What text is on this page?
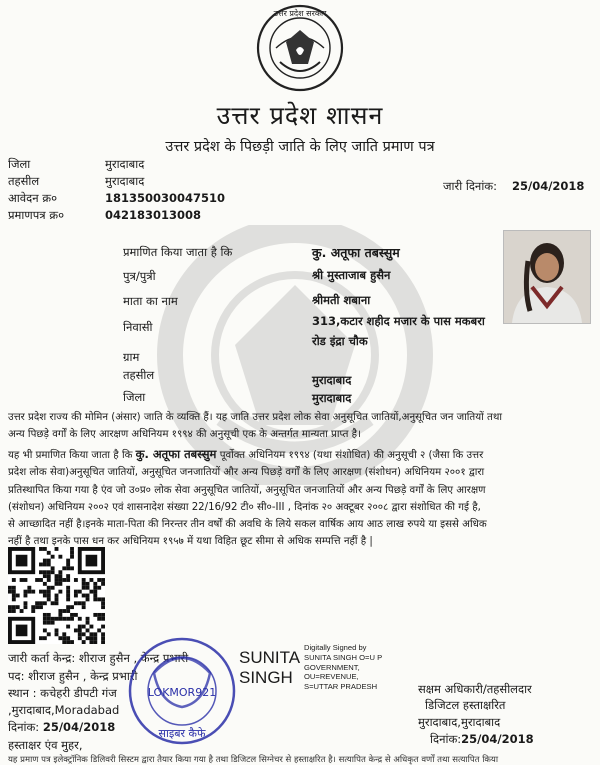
उत्तर प्रदेश सरकार
उत्तर प्रदेश शासन
उत्तर प्रदेश के पिछड़ी जाति के लिए जाति प्रमाण पत्र
जिला	मुरादाबाद
तहसील	मुरादाबाद
आवेदन क्र०	181350030047510
प्रमाणपत्र क्र०	042183013008
जारी दिनांक: 25/04/2018
प्रमाणित किया जाता है कि	कु. अतूफा तबस्सुम
पुत्र/पुत्री	श्री मुस्ताजाब हुसैन
माता का नाम	श्रीमती शबाना
निवासी	313,कटार शहीद मजार के पास मकबरा
रोड इंद्रा चौक
ग्राम
तहसील	मुरादाबाद
जिला	मुरादाबाद
उत्तर प्रदेश राज्य की मोमिन (अंसार) जाति के व्यक्ति हैं। यह जाति उत्तर प्रदेश लोक सेवा अनुसूचित जातियों,अनुसूचित जन जातियों तथा
अन्य पिछड़े वर्गों के लिए आरक्षण अधिनियम १९९४ की अनुसूची एक के अन्तर्गत मान्यता प्राप्त है।
यह भी प्रमाणित किया जाता है कि कु. अतूफा तबस्सुम पूर्वोक्त अधिनियम १९९४ (यथा संशोधित) की अनुसूची २ (जैसा कि उत्तर
प्रदेश लोक सेवा)अनुसूचित जातियों, अनुसूचित जनजातियों और अन्य पिछड़े वर्गों के लिए आरक्षण (संशोधन) अधिनियम २००१ द्वारा
प्रतिस्थापित किया गया है एंव जो उ०प्र० लोक सेवा अनुसूचित जातियों, अनुसूचित जनजातियों और अन्य पिछड़े वर्गों के लिए आरक्षण
(संशोधन) अधिनियम २००२ एवं शासनादेश संख्या 22/16/92 टी० सी०-III , दिनांक २० अक्टूबर २००८ द्वारा संशोधित की गई है,
से आच्छादित नहीं है।इनके माता-पिता की निरन्तर तीन वर्षों की अवधि के लिये सकल वार्षिक आय आठ लाख रुपये या इससे अधिक
नहीं है तथा इनके पास धन कर अधिनियम १९५७ में यथा विहित छूट सीमा से अधिक सम्पत्ति नहीं है |
जारी कर्ता केन्द्र: शीराज हुसैन , केन्द्र प्रभारी
पद: शीराज हुसैन , केन्द्र प्रभारी
स्थान : कचेहरी डीपटी गंज
,मुरादाबाद,Moradabad
दिनांक: 25/04/2018
हस्ताक्षर एंव मुहर,
LOKMOR921
साइबर कैफे
SUNITA
SINGH
Digitally Signed by
SUNITA SINGH O=U P
GOVERNMENT,
OU=REVENUE,
S=UTTAR PRADESH	सक्षम अधिकारी/तहसीलदार
डिजिटल हस्ताक्षरित
मुरादाबाद,मुरादाबाद
दिनांक:25/04/2018
यह प्रमाण पत्र इलेक्ट्रॉनिक डिलिवरी सिस्टम द्वारा तैयार किया गया है तथा डिजिटल सिग्नेचर से हस्ताक्षरित है। सत्यापित केन्द्र से अधिकृत वर्णों तथा सत्यापित किया
